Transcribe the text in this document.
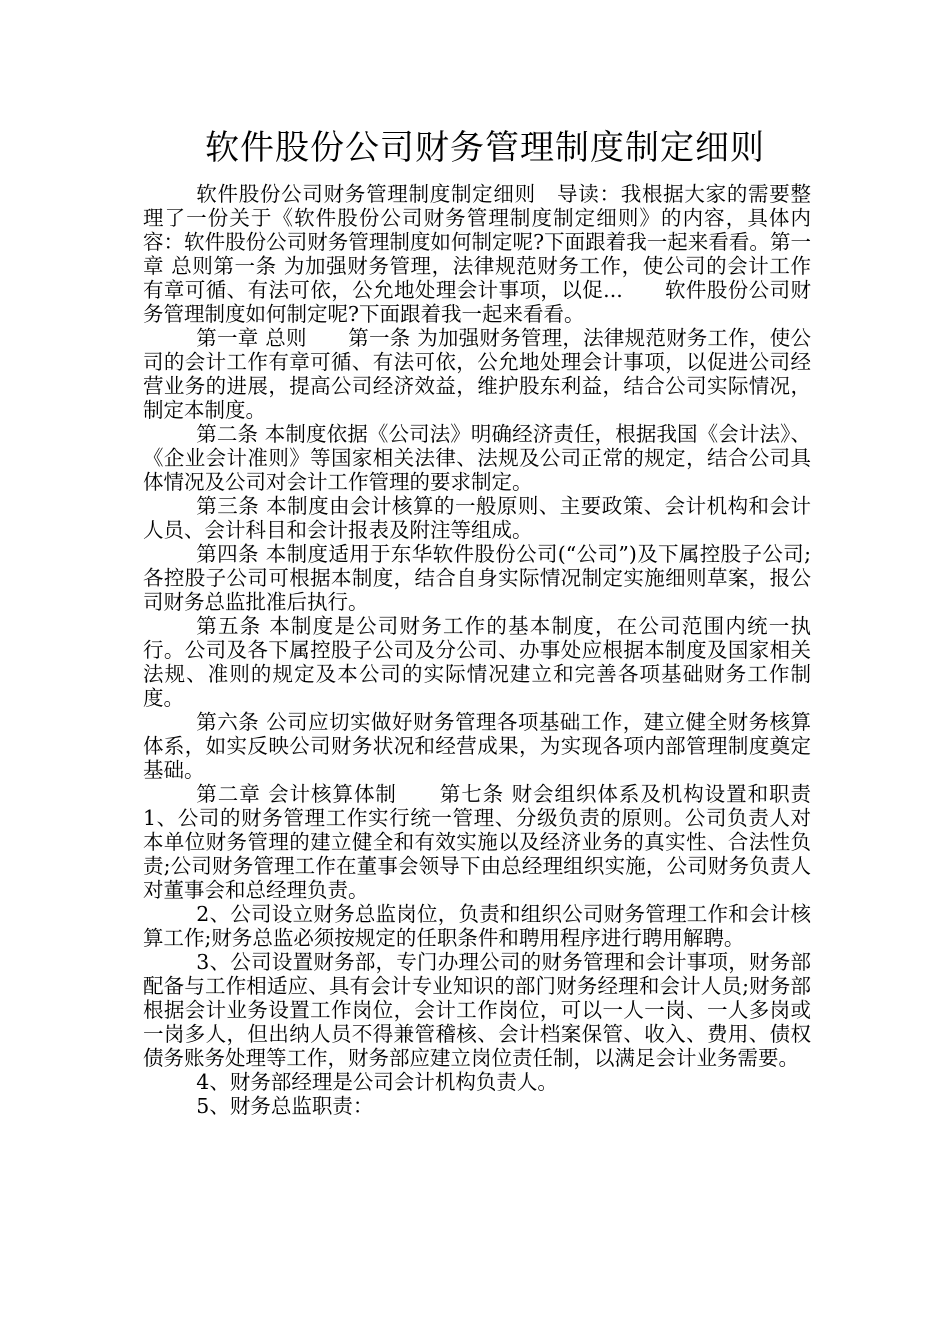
软件股份公司财务管理制度制定细则

软件股份公司财务管理制度制定细则　导读：我根据大家的需要整理了一份关于《软件股份公司财务管理制度制定细则》的内容，具体内容：软件股份公司财务管理制度如何制定呢?下面跟着我一起来看看。第一章 总则第一条 为加强财务管理，法律规范财务工作，使公司的会计工作有章可循、有法可依，公允地处理会计事项，以促...　　软件股份公司财务管理制度如何制定呢?下面跟着我一起来看看。

第一章 总则　　第一条 为加强财务管理，法律规范财务工作，使公司的会计工作有章可循、有法可依，公允地处理会计事项，以促进公司经营业务的进展，提高公司经济效益，维护股东利益，结合公司实际情况，制定本制度。

第二条 本制度依据《公司法》明确经济责任，根据我国《会计法》、《企业会计准则》等国家相关法律、法规及公司正常的规定，结合公司具体情况及公司对会计工作管理的要求制定。

第三条 本制度由会计核算的一般原则、主要政策、会计机构和会计人员、会计科目和会计报表及附注等组成。

第四条 本制度适用于东华软件股份公司(“公司”)及下属控股子公司;各控股子公司可根据本制度，结合自身实际情况制定实施细则草案，报公司财务总监批准后执行。

第五条 本制度是公司财务工作的基本制度，在公司范围内统一执行。公司及各下属控股子公司及分公司、办事处应根据本制度及国家相关法规、准则的规定及本公司的实际情况建立和完善各项基础财务工作制度。

第六条 公司应切实做好财务管理各项基础工作，建立健全财务核算体系，如实反映公司财务状况和经营成果，为实现各项内部管理制度奠定基础。

第二章 会计核算体制　　第七条 财会组织体系及机构设置和职责　　1、公司的财务管理工作实行统一管理、分级负责的原则。公司负责人对本单位财务管理的建立健全和有效实施以及经济业务的真实性、合法性负责;公司财务管理工作在董事会领导下由总经理组织实施，公司财务负责人对董事会和总经理负责。

2、公司设立财务总监岗位，负责和组织公司财务管理工作和会计核算工作;财务总监必须按规定的任职条件和聘用程序进行聘用解聘。

3、公司设置财务部，专门办理公司的财务管理和会计事项，财务部配备与工作相适应、具有会计专业知识的部门财务经理和会计人员;财务部根据会计业务设置工作岗位，会计工作岗位，可以一人一岗、一人多岗或一岗多人，但出纳人员不得兼管稽核、会计档案保管、收入、费用、债权债务账务处理等工作，财务部应建立岗位责任制，以满足会计业务需要。

4、财务部经理是公司会计机构负责人。

5、财务总监职责：
